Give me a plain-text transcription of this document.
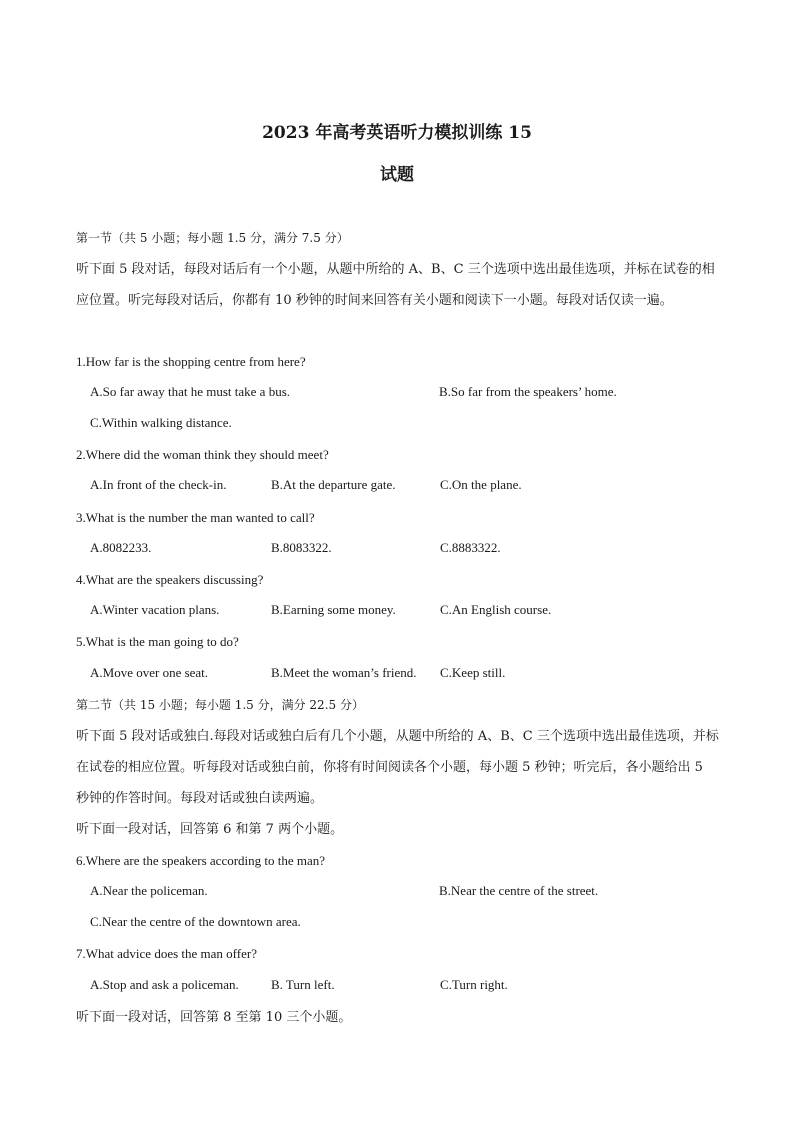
2023 年高考英语听力模拟训练 15
试题
第一节（共 5 小题；每小题 1.5 分，满分 7.5 分）
听下面 5 段对话，每段对话后有一个小题，从题中所给的 A、B、C 三个选项中选出最佳选项，并标在试卷的相应位置。听完每段对话后，你都有 10 秒钟的时间来回答有关小题和阅读下一小题。每段对话仅读一遍。
1.How far is the shopping centre from here?
A.So far away that he must take a bus.	B.So far from the speakers’ home.
C.Within walking distance.
2.Where did the woman think they should meet?
A.In front of the check-in.	B.At the departure gate.	C.On the plane.
3.What is the number the man wanted to call?
A.8082233.	B.8083322.	C.8883322.
4.What are the speakers discussing?
A.Winter vacation plans.	B.Earning some money.	C.An English course.
5.What is the man going to do?
A.Move over one seat.	B.Meet the woman’s friend. C.Keep still.
第二节（共 15 小题；每小题 1.5 分，满分 22.5 分）
听下面 5 段对话或独白.每段对话或独白后有几个小题，从题中所给的 A、B、C 三个选项中选出最佳选项，并标在试卷的相应位置。听每段对话或独白前，你将有时间阅读各个小题，每小题 5 秒钟；听完后，各小题给出 5 秒钟的作答时间。每段对话或独白读两遍。
听下面一段对话，回答第 6 和第 7 两个小题。
6.Where are the speakers according to the man?
A.Near the policeman.	B.Near the centre of the street.
C.Near the centre of the downtown area.
7.What advice does the man offer?
A.Stop and ask a policeman. B. Turn left.	C.Turn right.
听下面一段对话，回答第 8 至第 10 三个小题。
